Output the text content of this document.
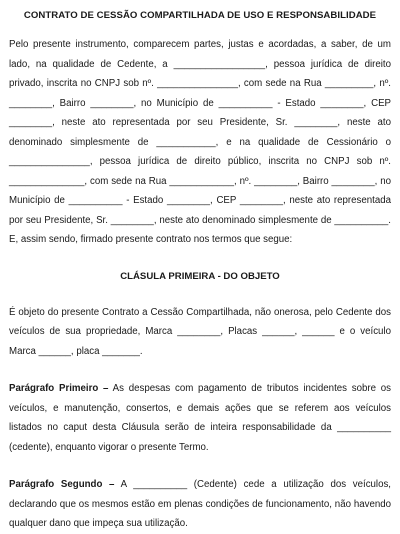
CONTRATO DE CESSÃO COMPARTILHADA DE USO E RESPONSABILIDADE

Pelo presente instrumento, comparecem partes, justas e acordadas, a saber, de um lado, na qualidade de Cedente, a _________________, pessoa jurídica de direito privado, inscrita no CNPJ sob nº. _______________, com sede na Rua _________, nº. ________, Bairro ________, no Município de __________ - Estado ________, CEP ________, neste ato representada por seu Presidente, Sr. ________, neste ato denominado simplesmente de ___________, e na qualidade de Cessionário o _______________, pessoa jurídica de direito público, inscrita no CNPJ sob nº. ______________, com sede na Rua ____________, nº. ________, Bairro ________, no Município de __________ - Estado ________, CEP ________, neste ato representada por seu Presidente, Sr. ________, neste ato denominado simplesmente de __________. E, assim sendo, firmado presente contrato nos termos que segue:

CLÁSULA PRIMEIRA - DO OBJETO

É objeto do presente Contrato a Cessão Compartilhada, não onerosa, pelo Cedente dos veículos de sua propriedade, Marca ________, Placas ______, ______ e o veículo Marca ______, placa _______.

Parágrafo Primeiro – As despesas com pagamento de tributos incidentes sobre os veículos, e manutenção, consertos, e demais ações que se referem aos veículos listados no caput desta Cláusula serão de inteira responsabilidade da __________ (cedente), enquanto vigorar o presente Termo.

Parágrafo Segundo – A __________ (Cedente) cede a utilização dos veículos, declarando que os mesmos estão em plenas condições de funcionamento, não havendo qualquer dano que impeça sua utilização.
